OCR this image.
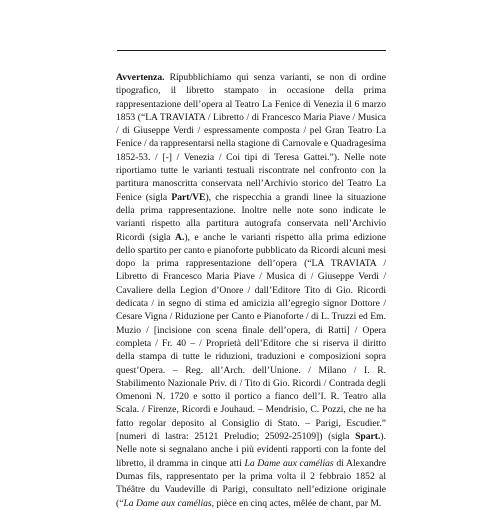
Avvertenza. Ripubblichiamo qui senza varianti, se non di ordine tipografico, il libretto stampato in occasione della prima rappresentazione dell’opera al Teatro La Fenice di Venezia il 6 marzo 1853 (“LA TRAVIATA / Libretto / di Francesco Maria Piave / Musica / di Giuseppe Verdi / espressamente composta / pel Gran Teatro La Fenice / da rappresentarsi nella stagione di Carnovale e Quadragesima 1852-53. / [-] / Venezia / Coi tipi di Teresa Gattei.”). Nelle note riportiamo tutte le varianti testuali riscontrate nel confronto con la partitura manoscritta conservata nell’Archivio storico del Teatro La Fenice (sigla Part/VE), che rispecchia a grandi linee la situazione della prima rappresentazione. Inoltre nelle note sono indicate le varianti rispetto alla partitura autografa conservata nell’Archivio Ricordi (sigla A.), e anche le varianti rispetto alla prima edizione dello spartito per canto e pianoforte pubblicato da Ricordi alcuni mesi dopo la prima rappresentazione dell’opera (“LA TRAVIATA / Libretto di Francesco Maria Piave / Musica di / Giuseppe Verdi / Cavaliere della Legion d’Onore / dall’Editore Tito di Gio. Ricordi dedicata / in segno di stima ed amicizia all’egregio signor Dottore / Cesare Vigna / Riduzione per Canto e Pianoforte / di L. Truzzi ed Em. Muzio / [incisione con scena finale dell’opera, di Ratti] / Opera completa / Fr. 40 – / Proprietà dell’Editore che si riserva il diritto della stampa di tutte le riduzioni, traduzioni e composizioni sopra quest’Opera. – Reg. all’Arch. dell’Unione. / Milano / I. R. Stabilimento Nazionale Priv. di / Tito di Gio. Ricordi / Contrada degli Omenoni N. 1720 e sotto il portico a fianco dell’I. R. Teatro alla Scala. / Firenze, Ricordi e Jouhaud. – Mendrisio, C. Pozzi, che ne ha fatto regolar deposito al Consiglio di Stato. – Parigi, Escudier.” [numeri di lastra: 25121 Preludio; 25092-25109]) (sigla Spart.). Nelle note si segnalano anche i più evidenti rapporti con la fonte del libretto, il dramma in cinque atti La Dame aux camélias di Alexandre Dumas fils, rappresentato per la prima volta il 2 febbraio 1852 al Théâtre du Vaudeville di Parigi, consultato nell’edizione originale (“La Dame aux camélias, pièce en cinq actes, mêlée de chant, par M.
